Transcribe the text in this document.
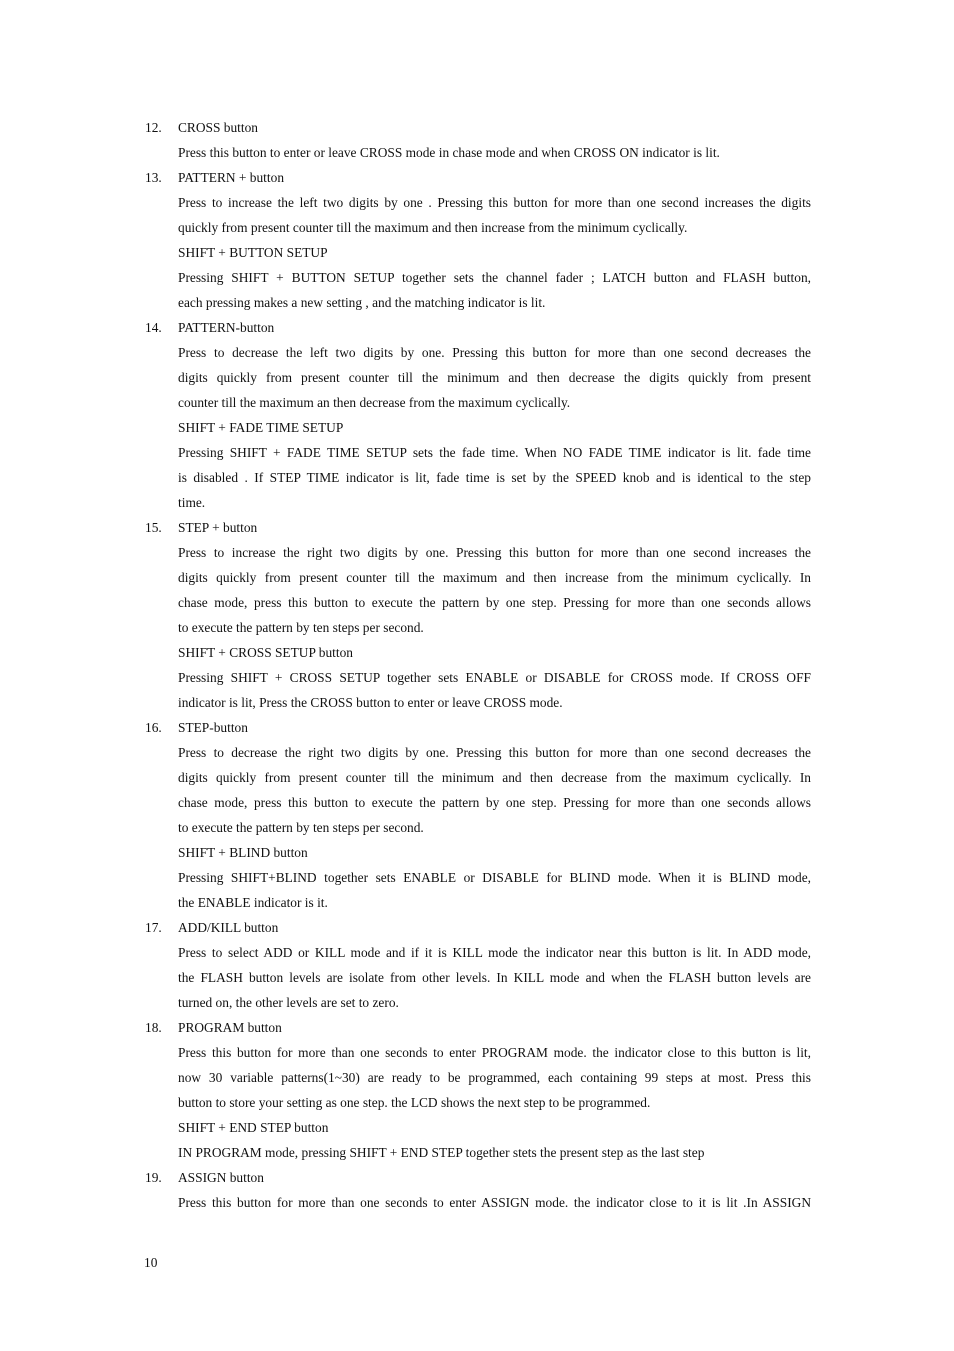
12. CROSS button
Press this button to enter or leave CROSS mode in chase mode and when CROSS ON indicator is lit.
13. PATTERN + button
Press to increase the left two digits by one . Pressing this button for more than one second increases the digits
quickly from present counter till the maximum and then increase from the minimum cyclically.
SHIFT + BUTTON SETUP
Pressing SHIFT + BUTTON SETUP together sets the channel fader ; LATCH button and FLASH button,
each pressing makes a new setting , and the matching indicator is lit.
14. PATTERN-button
Press to decrease the left two digits by one. Pressing this button for more than one second decreases the
digits quickly from present counter till the minimum and then decrease the digits quickly from present
counter till the maximum an then decrease from the maximum cyclically.
SHIFT + FADE TIME SETUP
Pressing SHIFT + FADE TIME SETUP sets the fade time. When NO FADE TIME indicator is lit. fade time
is disabled . If STEP TIME indicator is lit, fade time is set by the SPEED knob and is identical to the step
time.
15. STEP + button
Press to increase the right two digits by one. Pressing this button for more than one second increases the
digits quickly from present counter till the maximum and then increase from the minimum cyclically. In
chase mode, press this button to execute the pattern by one step. Pressing for more than one seconds allows
to execute the pattern by ten steps per second.
SHIFT + CROSS SETUP button
Pressing SHIFT + CROSS SETUP together sets ENABLE or DISABLE for CROSS mode. If CROSS OFF
indicator is lit, Press the CROSS button to enter or leave CROSS mode.
16. STEP-button
Press to decrease the right two digits by one. Pressing this button for more than one second decreases the
digits quickly from present counter till the minimum and then decrease from the maximum cyclically. In
chase mode, press this button to execute the pattern by one step. Pressing for more than one seconds allows
to execute the pattern by ten steps per second.
SHIFT + BLIND button
Pressing SHIFT+BLIND together sets ENABLE or DISABLE for BLIND mode. When it is BLIND mode,
the ENABLE indicator is it.
17. ADD/KILL button
Press to select ADD or KILL mode and if it is KILL mode the indicator near this button is lit. In ADD mode,
the FLASH button levels are isolate from other levels. In KILL mode and when the FLASH button levels are
turned on, the other levels are set to zero.
18. PROGRAM button
Press this button for more than one seconds to enter PROGRAM mode. the indicator close to this button is lit,
now 30 variable patterns(1~30) are ready to be programmed, each containing 99 steps at most. Press this
button to store your setting as one step. the LCD shows the next step to be programmed.
SHIFT + END STEP button
IN PROGRAM mode, pressing SHIFT + END STEP together stets the present step as the last step
19. ASSIGN button
Press this button for more than one seconds to enter ASSIGN mode. the indicator close to it is lit .In ASSIGN
10
